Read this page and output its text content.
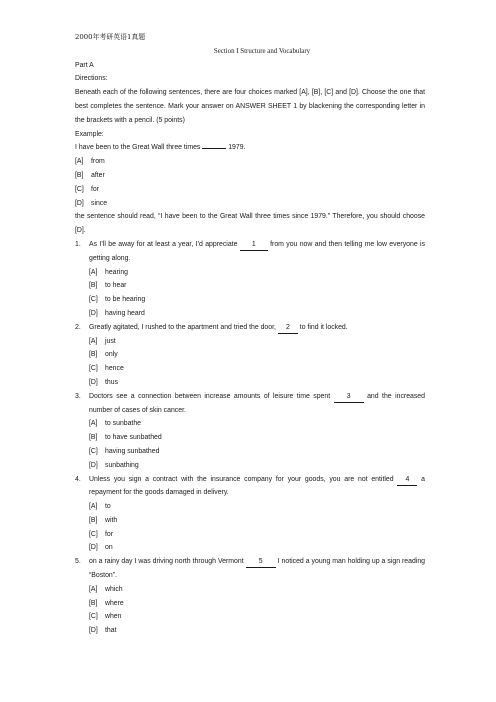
2000年考研英语1真题
Section I Structure and Vocabulary
Part A
Directions:
Beneath each of the following sentences, there are four choices marked [A], [B], [C] and [D]. Choose the one that best completes the sentence. Mark your answer on ANSWER SHEET 1 by blackening the corresponding letter in the brackets with a pencil. (5 points)
Example:
I have been to the Great Wall three times	1979.
[A]	from
[B]	after
[C]	for
[D]	since
the sentence should read, “I have been to the Great Wall three times since 1979.” Therefore, you should choose [D].
1.	As I’ll be away for at least a year, I’d appreciate 1 from you now and then telling me low everyone is getting along.
[A]	hearing
[B]	to hear
[C]	to be hearing
[D]	having heard
2.	Greatly agitated, I rushed to the apartment and tried the door, 2 to find it locked.
[A]	just
[B]	only
[C]	hence
[D]	thus
3.	Doctors see a connection between increase amounts of leisure time spent 3 and the increased number of cases of skin cancer.
[A]	to sunbathe
[B]	to have sunbathed
[C]	having sunbathed
[D]	sunbathing
4.	Unless you sign a contract with the insurance company for your goods, you are not entitled 4 a repayment for the goods damaged in delivery.
[A]	to
[B]	with
[C]	for
[D]	on
5.	on a rainy day I was driving north through Vermont 5 I noticed a young man holding up a sign reading “Boston”.
[A]	which
[B]	where
[C]	when
[D]	that
